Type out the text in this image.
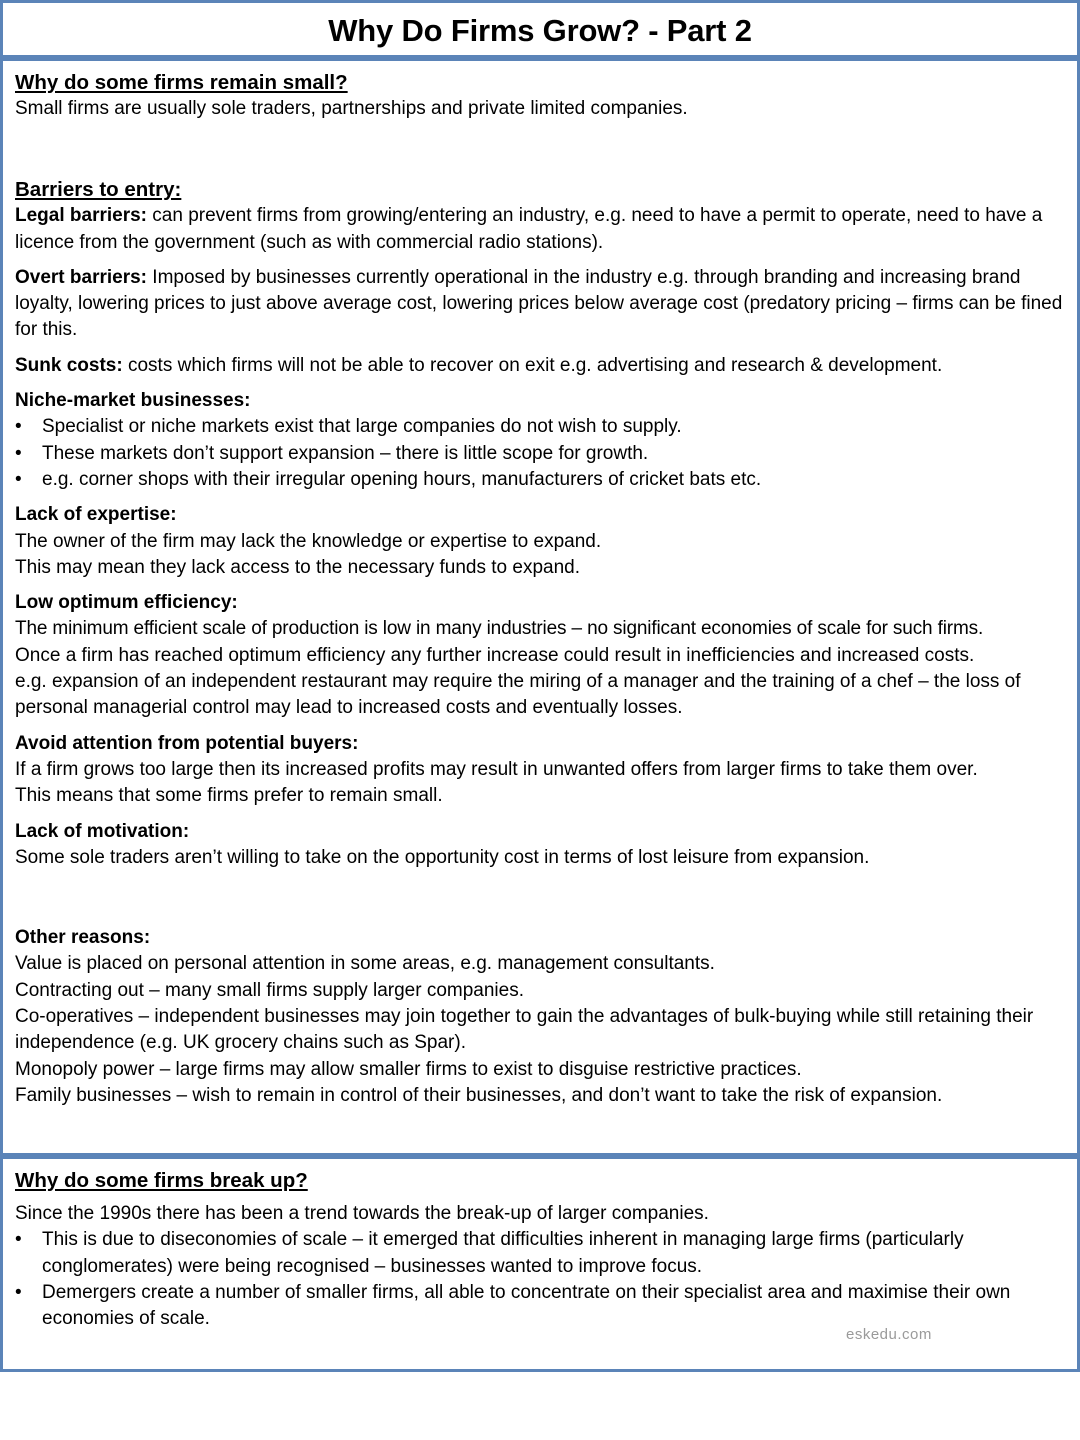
Why Do Firms Grow? - Part 2
Why do some firms remain small?

Small firms are usually sole traders, partnerships and private limited companies.

Barriers to entry:

Legal barriers: can prevent firms from growing/entering an industry, e.g. need to have a permit to operate, need to have a licence from the government (such as with commercial radio stations).

Overt barriers: Imposed by businesses currently operational in the industry e.g. through branding and increasing brand loyalty, lowering prices to just above average cost, lowering prices below average cost (predatory pricing – firms can be fined for this.

Sunk costs: costs which firms will not be able to recover on exit e.g. advertising and research & development.

Niche-market businesses:
• Specialist or niche markets exist that large companies do not wish to supply.
• These markets don’t support expansion – there is little scope for growth.
• e.g. corner shops with their irregular opening hours, manufacturers of cricket bats etc.
Lack of expertise:
The owner of the firm may lack the knowledge or expertise to expand.
This may mean they lack access to the necessary funds to expand.
Low optimum efficiency:
The minimum efficient scale of production is low in many industries – no significant economies of scale for such firms.
Once a firm has reached optimum efficiency any further increase could result in inefficiencies and increased costs.
e.g. expansion of an independent restaurant may require the miring of a manager and the training of a chef – the loss of personal managerial control may lead to increased costs and eventually losses.
Avoid attention from potential buyers:
If a firm grows too large then its increased profits may result in unwanted offers from larger firms to take them over.
This means that some firms prefer to remain small.
Lack of motivation:
Some sole traders aren’t willing to take on the opportunity cost in terms of lost leisure from expansion.
Other reasons:
Value is placed on personal attention in some areas, e.g. management consultants.
Contracting out – many small firms supply larger companies.
Co-operatives – independent businesses may join together to gain the advantages of bulk-buying while still retaining their independence (e.g. UK grocery chains such as Spar).
Monopoly power – large firms may allow smaller firms to exist to disguise restrictive practices.
Family businesses – wish to remain in control of their businesses, and don’t want to take the risk of expansion.
Why do some firms break up?

Since the 1990s there has been a trend towards the break-up of larger companies.

• This is due to diseconomies of scale – it emerged that difficulties inherent in managing large firms (particularly conglomerates) were being recognised – businesses wanted to improve focus.
• Demergers create a number of smaller firms, all able to concentrate on their specialist area and maximise their own economies of scale.
eskedu.com
